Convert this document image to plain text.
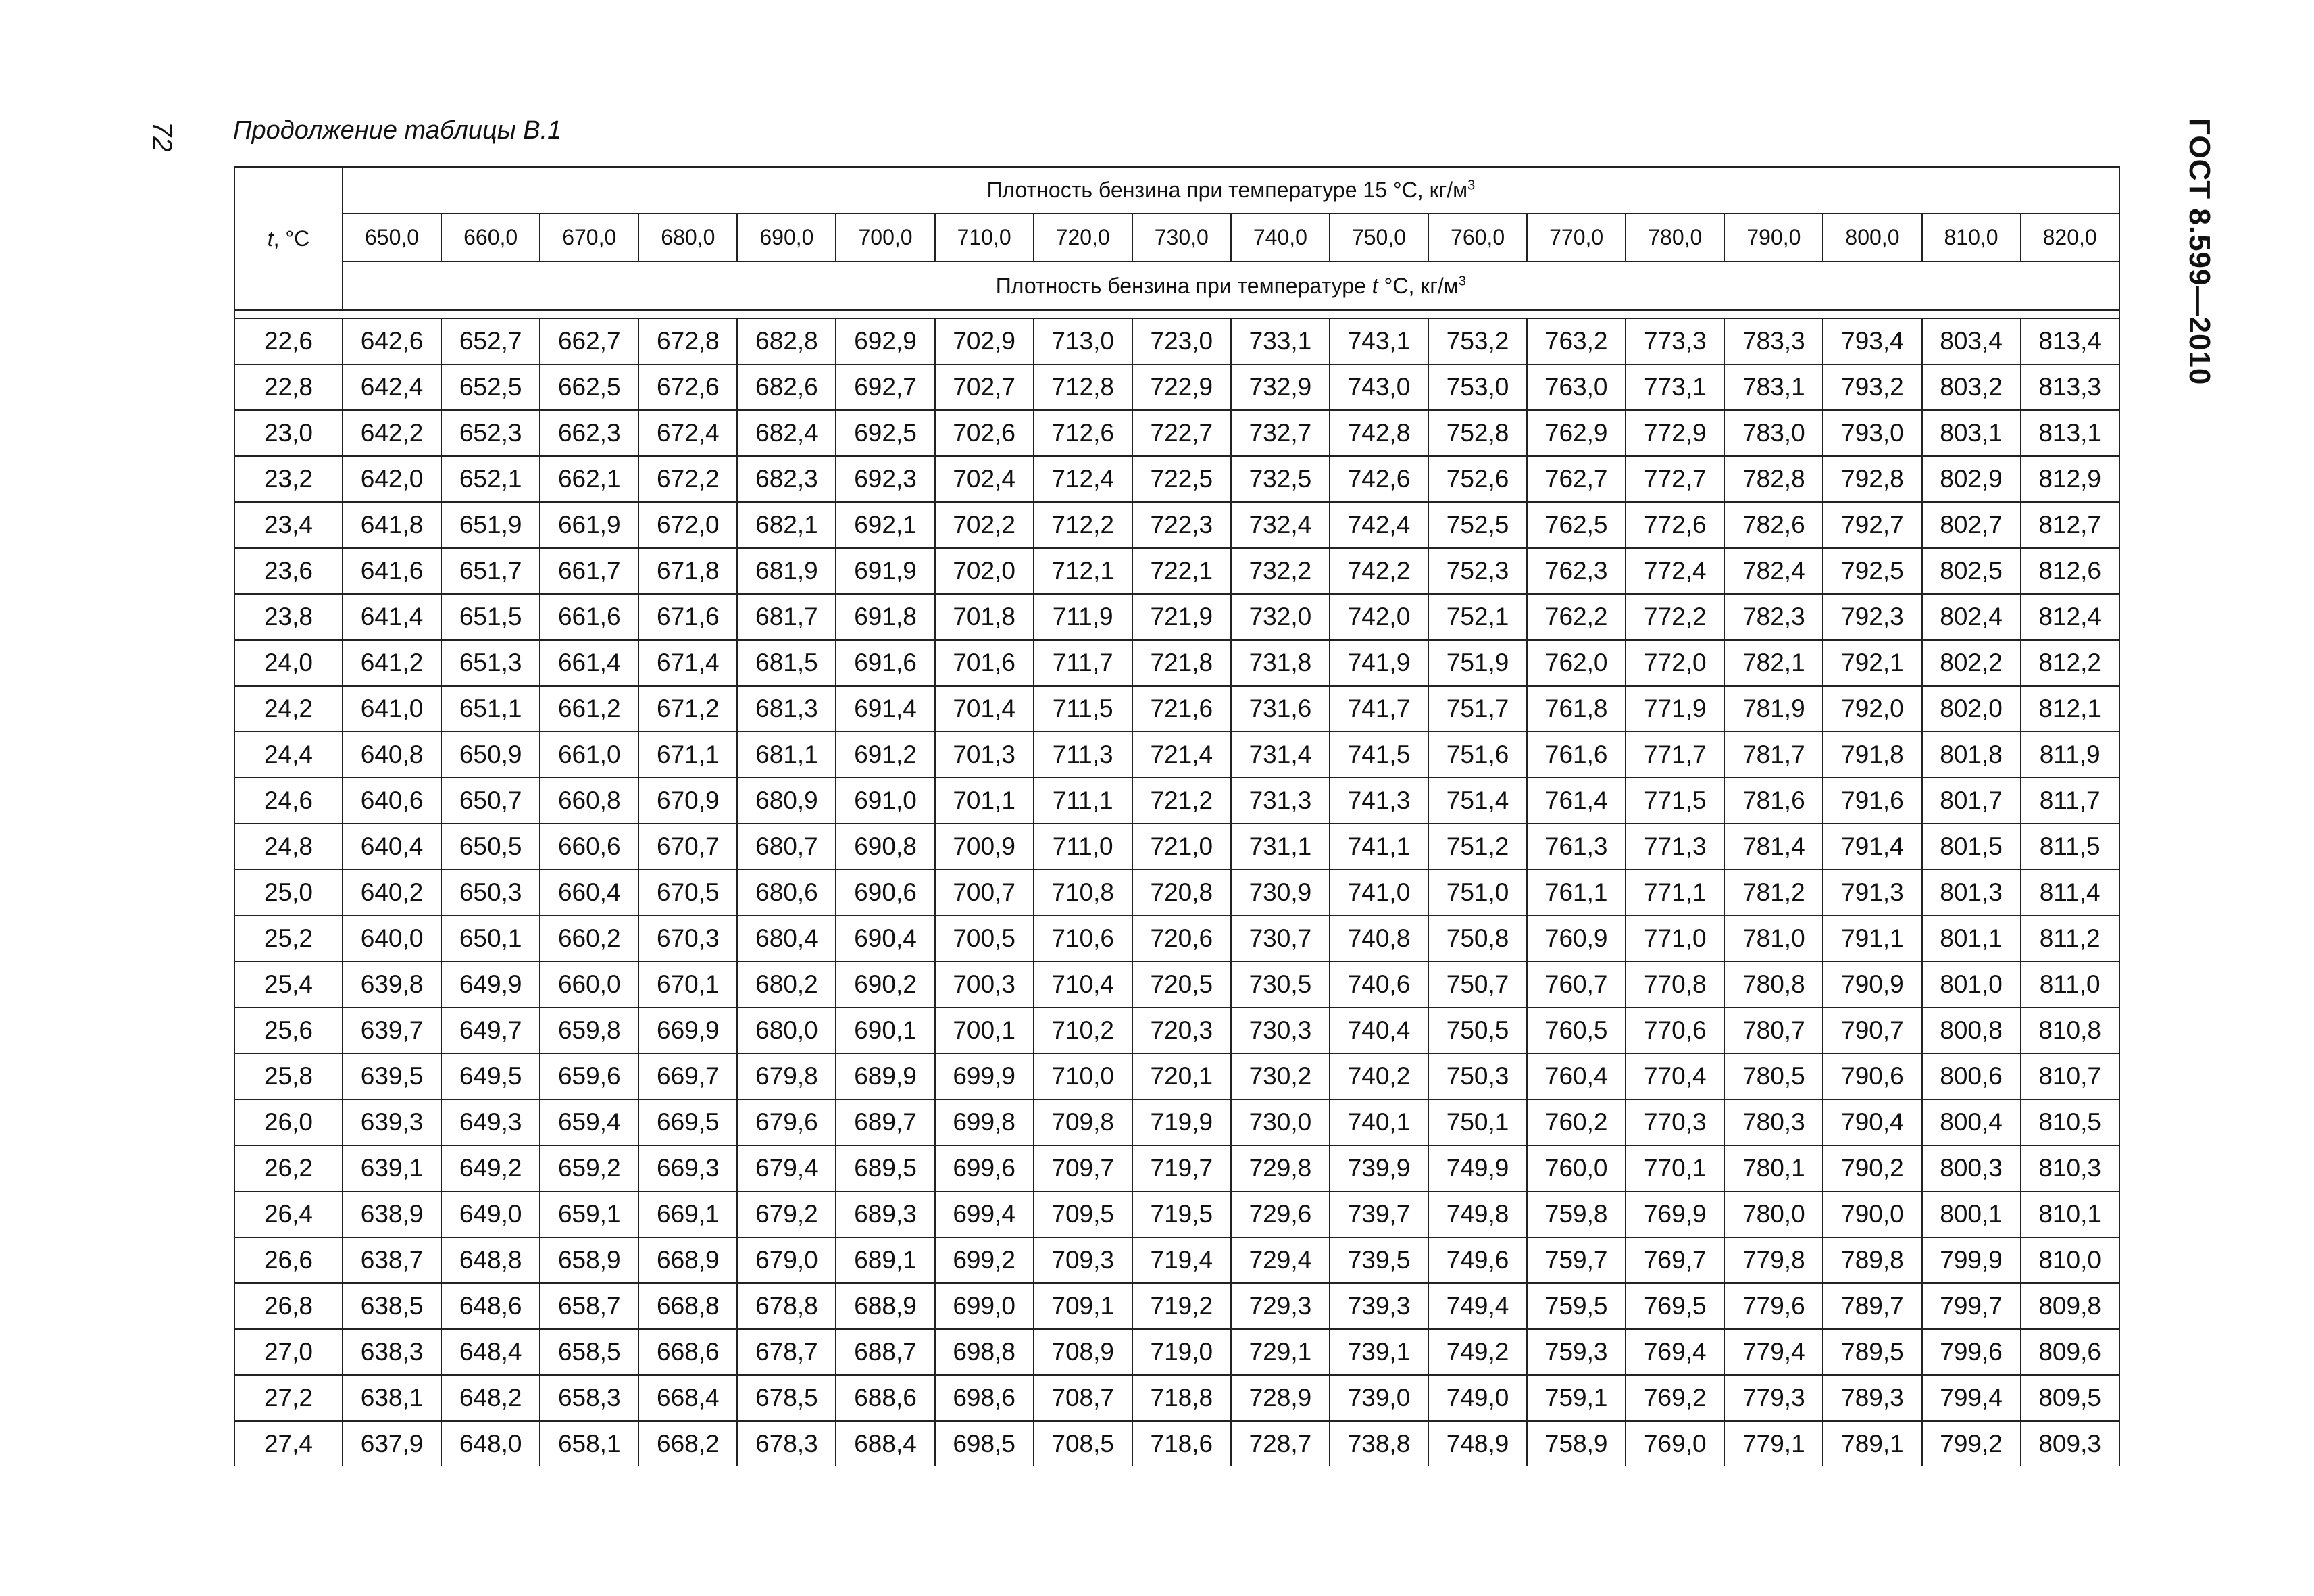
72 Продолжение таблицы В.1	ГОСТ 8.599—2010
t, °С	Плотность бензина при температуре 15 °С, $кг/м^3$
	650,0	660,0	670,0	680,0	690,0	700,0	710,0	720,0	730,0	740,0	750,0	760,0	770,0	780,0	790,0	800,0	810,0	820,0
	Плотность бензина при температуре t °С, $кг/м^3$

22,6	642,6	652,7	662,7	672,8	682,8	692,9	702,9	713,0	723,0	733,1	743,1	753,2	763,2	773,3	783,3	793,4	803,4	813,4
22,8	642,4	652,5	662,5	672,6	682,6	692,7	702,7	712,8	722,9	732,9	743,0	753,0	763,0	773,1	783,1	793,2	803,2	813,3
23,0	642,2	652,3	662,3	672,4	682,4	692,5	702,6	712,6	722,7	732,7	742,8	752,8	762,9	772,9	783,0	793,0	803,1	813,1
23,2	642,0	652,1	662,1	672,2	682,3	692,3	702,4	712,4	722,5	732,5	742,6	752,6	762,7	772,7	782,8	792,8	802,9	812,9
23,4	641,8	651,9	661,9	672,0	682,1	692,1	702,2	712,2	722,3	732,4	742,4	752,5	762,5	772,6	782,6	792,7	802,7	812,7
23,6	641,6	651,7	661,7	671,8	681,9	691,9	702,0	712,1	722,1	732,2	742,2	752,3	762,3	772,4	782,4	792,5	802,5	812,6
23,8	641,4	651,5	661,6	671,6	681,7	691,8	701,8	711,9	721,9	732,0	742,0	752,1	762,2	772,2	782,3	792,3	802,4	812,4
24,0	641,2	651,3	661,4	671,4	681,5	691,6	701,6	711,7	721,8	731,8	741,9	751,9	762,0	772,0	782,1	792,1	802,2	812,2
24,2	641,0	651,1	661,2	671,2	681,3	691,4	701,4	711,5	721,6	731,6	741,7	751,7	761,8	771,9	781,9	792,0	802,0	812,1
24,4	640,8	650,9	661,0	671,1	681,1	691,2	701,3	711,3	721,4	731,4	741,5	751,6	761,6	771,7	781,7	791,8	801,8	811,9
24,6	640,6	650,7	660,8	670,9	680,9	691,0	701,1	711,1	721,2	731,3	741,3	751,4	761,4	771,5	781,6	791,6	801,7	811,7
24,8	640,4	650,5	660,6	670,7	680,7	690,8	700,9	711,0	721,0	731,1	741,1	751,2	761,3	771,3	781,4	791,4	801,5	811,5
25,0	640,2	650,3	660,4	670,5	680,6	690,6	700,7	710,8	720,8	730,9	741,0	751,0	761,1	771,1	781,2	791,3	801,3	811,4
25,2	640,0	650,1	660,2	670,3	680,4	690,4	700,5	710,6	720,6	730,7	740,8	750,8	760,9	771,0	781,0	791,1	801,1	811,2
25,4	639,8	649,9	660,0	670,1	680,2	690,2	700,3	710,4	720,5	730,5	740,6	750,7	760,7	770,8	780,8	790,9	801,0	811,0
25,6	639,7	649,7	659,8	669,9	680,0	690,1	700,1	710,2	720,3	730,3	740,4	750,5	760,5	770,6	780,7	790,7	800,8	810,8
25,8	639,5	649,5	659,6	669,7	679,8	689,9	699,9	710,0	720,1	730,2	740,2	750,3	760,4	770,4	780,5	790,6	800,6	810,7
26,0	639,3	649,3	659,4	669,5	679,6	689,7	699,8	709,8	719,9	730,0	740,1	750,1	760,2	770,3	780,3	790,4	800,4	810,5
26,2	639,1	649,2	659,2	669,3	679,4	689,5	699,6	709,7	719,7	729,8	739,9	749,9	760,0	770,1	780,1	790,2	800,3	810,3
26,4	638,9	649,0	659,1	669,1	679,2	689,3	699,4	709,5	719,5	729,6	739,7	749,8	759,8	769,9	780,0	790,0	800,1	810,1
26,6	638,7	648,8	658,9	668,9	679,0	689,1	699,2	709,3	719,4	729,4	739,5	749,6	759,7	769,7	779,8	789,8	799,9	810,0
26,8	638,5	648,6	658,7	668,8	678,8	688,9	699,0	709,1	719,2	729,3	739,3	749,4	759,5	769,5	779,6	789,7	799,7	809,8
27,0	638,3	648,4	658,5	668,6	678,7	688,7	698,8	708,9	719,0	729,1	739,1	749,2	759,3	769,4	779,4	789,5	799,6	809,6
27,2	638,1	648,2	658,3	668,4	678,5	688,6	698,6	708,7	718,8	728,9	739,0	749,0	759,1	769,2	779,3	789,3	799,4	809,5
27,4	637,9	648,0	658,1	668,2	678,3	688,4	698,5	708,5	718,6	728,7	738,8	748,9	758,9	769,0	779,1	789,1	799,2	809,3
